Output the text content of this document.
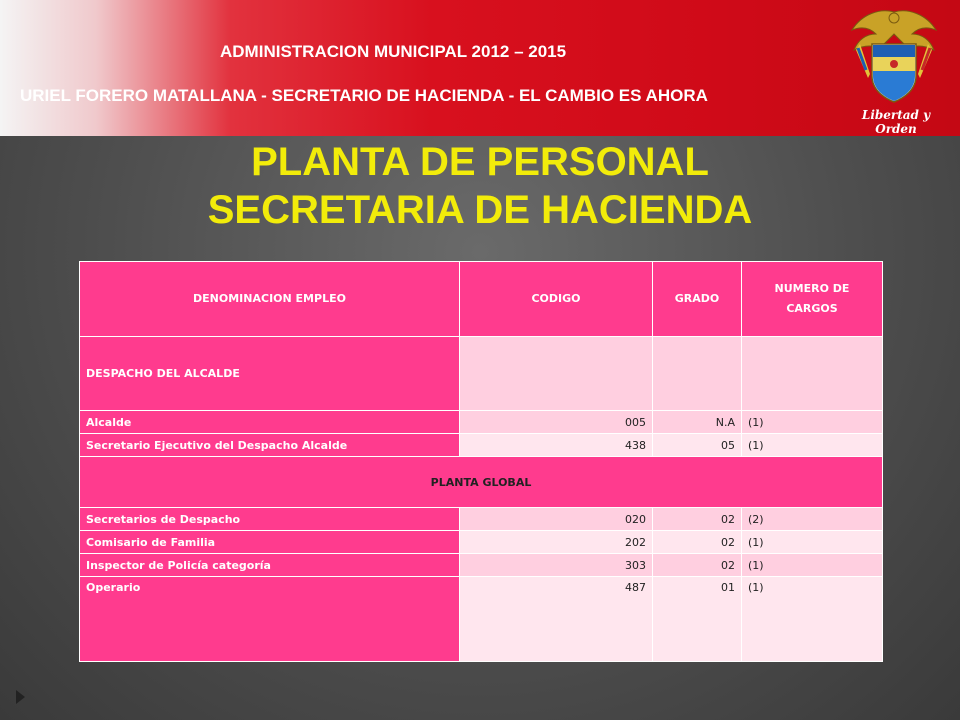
ADMINISTRACION MUNICIPAL 2012 – 2015
URIEL FORERO MATALLANA - SECRETARIO DE HACIENDA - EL CAMBIO ES AHORA
Libertad y Orden
PLANTA DE PERSONAL
SECRETARIA DE HACIENDA
DENOMINACION EMPLEO	CODIGO	GRADO	NUMERO DE CARGOS
DESPACHO DEL ALCALDE			
Alcalde	005	N.A	(1)
Secretario Ejecutivo del Despacho Alcalde	438	05	(1)
PLANTA GLOBAL			
Secretarios de Despacho	020	02	(2)
Comisario de Familia	202	02	(1)
Inspector de Policía categoría	303	02	(1)
Operario	487	01	(1)
